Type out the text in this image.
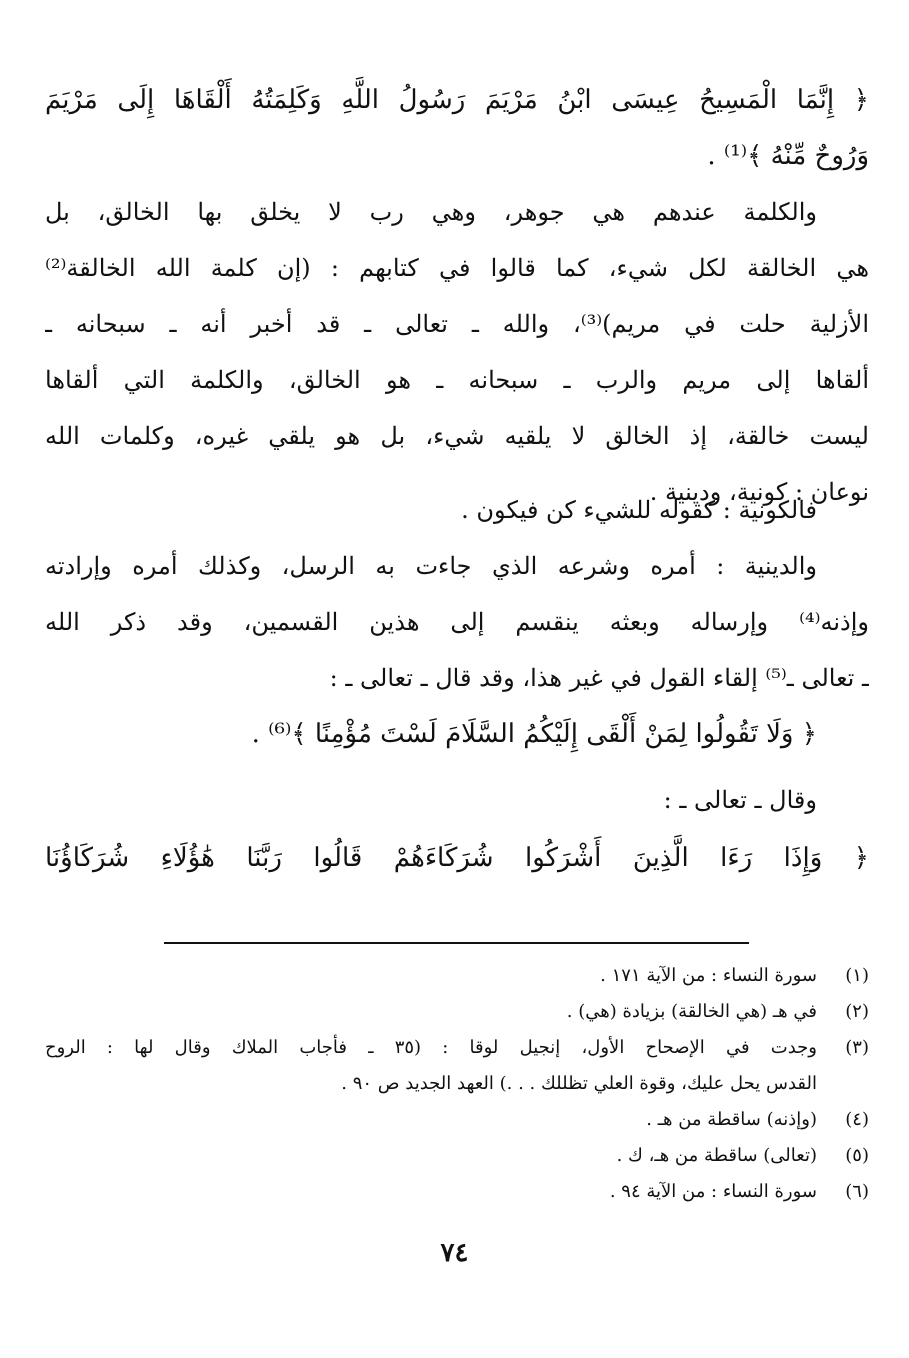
﴿ إِنَّمَا الْمَسِيحُ عِيسَى ابْنُ مَرْيَمَ رَسُولُ اللَّهِ وَكَلِمَتُهُ أَلْقَاهَا إِلَى مَرْيَمَ
وَرُوحٌ مِّنْهُ ﴾⁽¹⁾ .
والكلمة عندهم هي جوهر، وهي رب لا يخلق بها الخالق، بل
هي الخالقة لكل شيء، كما قالوا في كتابهم : (إن كلمة الله الخالقة⁽²⁾
الأزلية حلت في مريم)⁽³⁾، والله ـ تعالى ـ قد أخبر أنه ـ سبحانه ـ
ألقاها إلى مريم والرب ـ سبحانه ـ هو الخالق، والكلمة التي ألقاها
ليست خالقة، إذ الخالق لا يلقيه شيء، بل هو يلقي غيره، وكلمات الله
نوعان : كونية، ودينية .
فالكونية : كقوله للشيء كن فيكون .
والدينية : أمره وشرعه الذي جاءت به الرسل، وكذلك أمره وإرادته
وإذنه⁽⁴⁾ وإرساله وبعثه ينقسم إلى هذين القسمين، وقد ذكر الله
ـ تعالى ـ⁽⁵⁾ إلقاء القول في غير هذا، وقد قال ـ تعالى ـ :
﴿ وَلَا تَقُولُوا لِمَنْ أَلْقَى إِلَيْكُمُ السَّلَامَ لَسْتَ مُؤْمِنًا ﴾⁽⁶⁾ .
وقال ـ تعالى ـ :
﴿ وَإِذَا رَءَا الَّذِينَ أَشْرَكُوا شُرَكَاءَهُمْ قَالُوا رَبَّنَا هَٰؤُلَاءِ شُرَكَاؤُنَا
(١)
سورة النساء : من الآية ١٧١ .
(٢)
في هـ (هي الخالقة) بزيادة (هي) .
(٣)
وجدت في الإصحاح الأول، إنجيل لوقا : (٣٥ ـ فأجاب الملاك وقال لها : الروح
القدس يحل عليك، وقوة العلي تظللك . . .) العهد الجديد ص ٩٠ .
(٤)
(وإذنه) ساقطة من هـ .
(٥)
(تعالى) ساقطة من هـ، ك .
(٦)
سورة النساء : من الآية ٩٤ .
٧٤
